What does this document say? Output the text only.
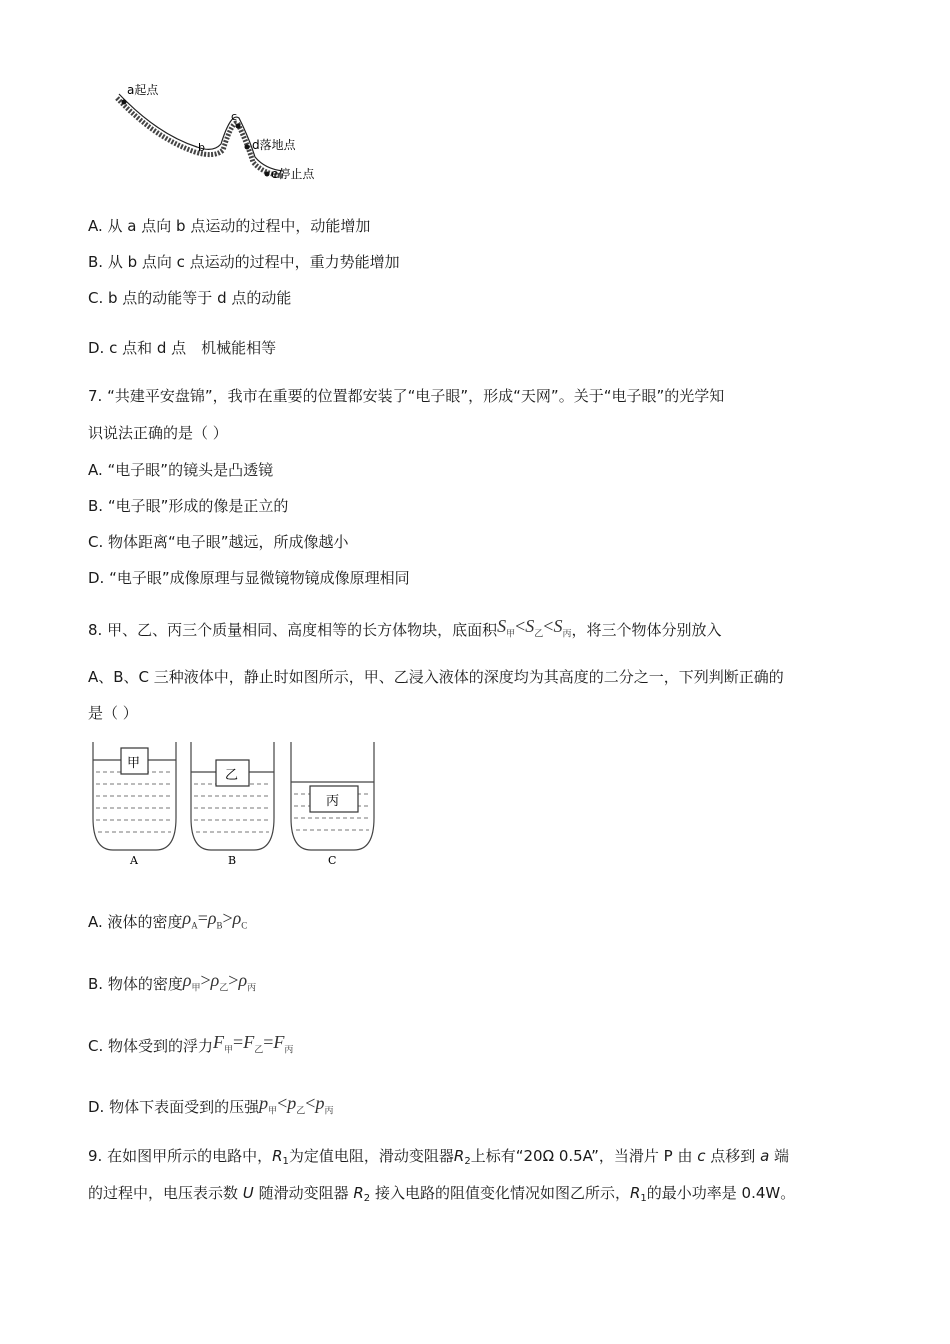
a起点
b
c
d落地点
e停止点
A. 从 a 点向 b 点运动的过程中，动能增加
B. 从 b 点向 c 点运动的过程中，重力势能增加
C. b 点的动能等于 d 点的动能
D. c 点和 d 点　机械能相等
7. “共建平安盘锦”，我市在重要的位置都安装了“电子眼”，形成“天网”。关于“电子眼”的光学知
识说法正确的是（ ）
A. “电子眼”的镜头是凸透镜
B. “电子眼”形成的像是正立的
C. 物体距离“电子眼”越远，所成像越小
D. “电子眼”成像原理与显微镜物镜成像原理相同
8. 甲、乙、丙三个质量相同、高度相等的长方体物块，底面积$S_甲<S_乙<S_丙$，将三个物体分别放入
A、B、C 三种液体中，静止时如图所示，甲、乙浸入液体的深度均为其高度的二分之一，下列判断正确的
是（ ）
甲
乙
丙
A	B	C
A. 液体的密度$\rho_A=\rho_B>\rho_C$
B. 物体的密度$\rho_甲>\rho_乙>\rho_丙$
C. 物体受到的浮力$F_甲=F_乙=F_丙$
D. 物体下表面受到的压强$p_甲<p_乙<p_丙$
9. 在如图甲所示的电路中，$R_1$为定值电阻，滑动变阻器$R_2$上标有“20Ω 0.5A”，当滑片 P 由 c 点移到 a 端
的过程中，电压表示数 U 随滑动变阻器 $R_2$ 接入电路的阻值变化情况如图乙所示，$R_1$的最小功率是 0.4W。
